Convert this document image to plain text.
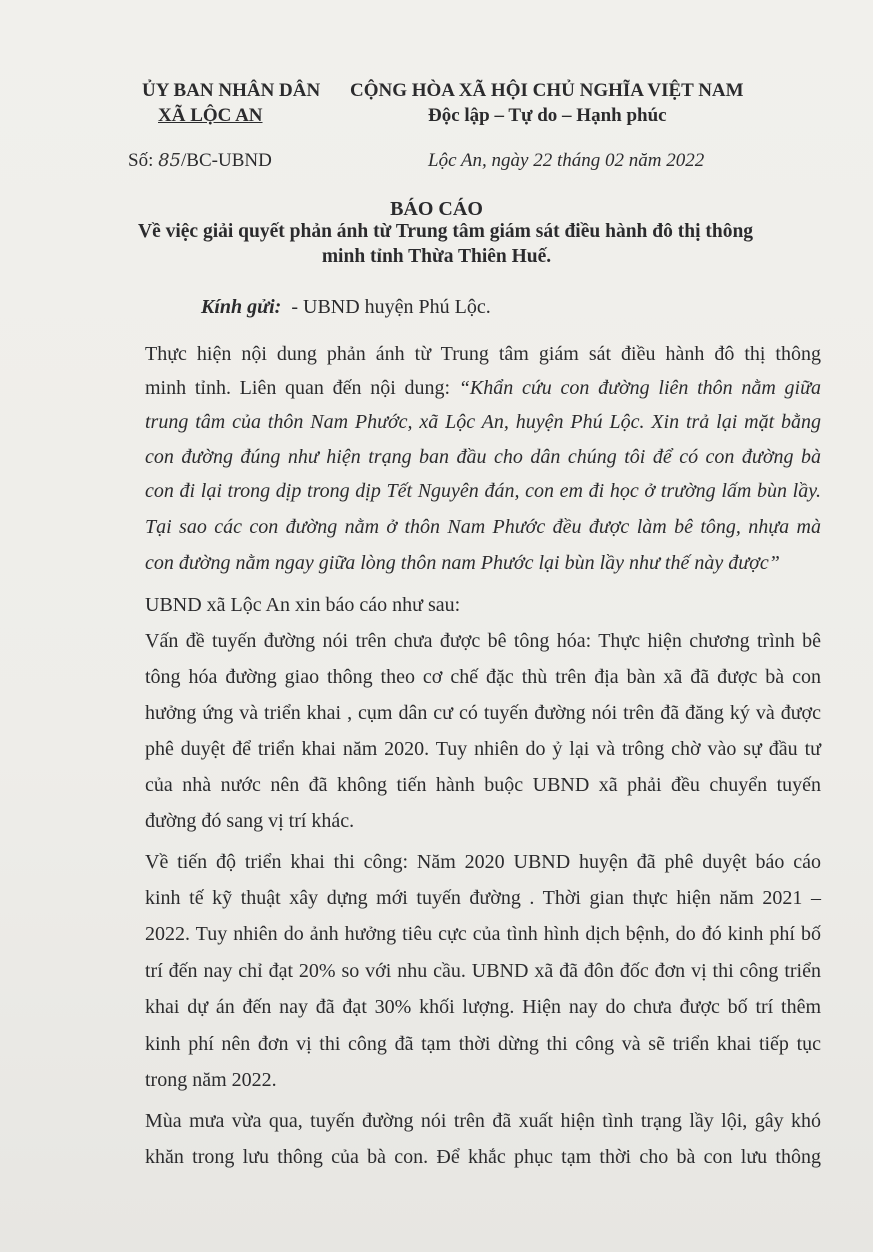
ỦY BAN NHÂN DÂN
XÃ LỘC AN
CỘNG HÒA XÃ HỘI CHỦ NGHĨA VIỆT NAM
Độc lập – Tự do – Hạnh phúc
Số: 85/BC-UBND	Lộc An, ngày 22 tháng 02 năm 2022
BÁO CÁO
Về việc giải quyết phản ánh từ Trung tâm giám sát điều hành đô thị thông
minh tỉnh Thừa Thiên Huế.
Kính gửi: - UBND huyện Phú Lộc.
Thực hiện nội dung phản ánh từ Trung tâm giám sát điều hành đô thị thông
minh tỉnh. Liên quan đến nội dung: “Khẩn cứu con đường liên thôn nằm giữa
trung tâm của thôn Nam Phước, xã Lộc An, huyện Phú Lộc. Xin trả lại mặt bằng
con đường đúng như hiện trạng ban đầu cho dân chúng tôi để có con đường bà
con đi lại trong dịp trong dịp Tết Nguyên đán, con em đi học ở trường lấm bùn lầy.
Tại sao các con đường nằm ở thôn Nam Phước đều được làm bê tông, nhựa mà
con đường nằm ngay giữa lòng thôn nam Phước lại bùn lầy như thế này được”
UBND xã Lộc An xin báo cáo như sau:
Vấn đề tuyến đường nói trên chưa được bê tông hóa: Thực hiện chương trình bê
tông hóa đường giao thông theo cơ chế đặc thù trên địa bàn xã đã được bà con
hưởng ứng và triển khai , cụm dân cư có tuyến đường nói trên đã đăng ký và được
phê duyệt để triển khai năm 2020. Tuy nhiên do ỷ lại và trông chờ vào sự đầu tư
của nhà nước nên đã không tiến hành buộc UBND xã phải đều chuyển tuyến
đường đó sang vị trí khác.
Về tiến độ triển khai thi công: Năm 2020 UBND huyện đã phê duyệt báo cáo
kinh tế kỹ thuật xây dựng mới tuyến đường . Thời gian thực hiện năm 2021 –
2022. Tuy nhiên do ảnh hưởng tiêu cực của tình hình dịch bệnh, do đó kinh phí bố
trí đến nay chỉ đạt 20% so với nhu cầu. UBND xã đã đôn đốc đơn vị thi công triển
khai dự án đến nay đã đạt 30% khối lượng. Hiện nay do chưa được bố trí thêm
kinh phí nên đơn vị thi công đã tạm thời dừng thi công và sẽ triển khai tiếp tục
trong năm 2022.
Mùa mưa vừa qua, tuyến đường nói trên đã xuất hiện tình trạng lầy lội, gây khó
khăn trong lưu thông của bà con. Để khắc phục tạm thời cho bà con lưu thông
